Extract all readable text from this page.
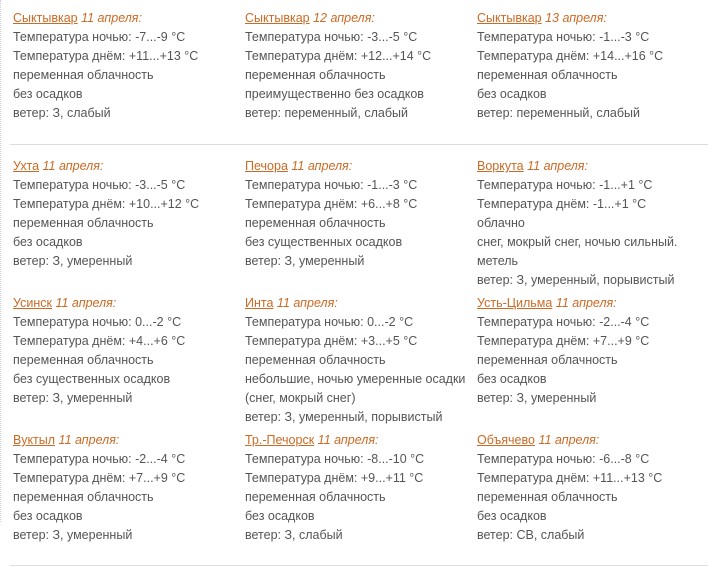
Сыктывкар 11 апреля:
Температура ночью: -7...-9 °C
Температура днём: +11...+13 °C
переменная облачность
без осадков
ветер: З, слабый
Сыктывкар 12 апреля:
Температура ночью: -3...-5 °C
Температура днём: +12...+14 °C
переменная облачность
преимущественно без осадков
ветер: переменный, слабый
Сыктывкар 13 апреля:
Температура ночью: -1...-3 °C
Температура днём: +14...+16 °C
переменная облачность
без осадков
ветер: переменный, слабый
Ухта 11 апреля:
Температура ночью: -3...-5 °C
Температура днём: +10...+12 °C
переменная облачность
без осадков
ветер: З, умеренный
Печора 11 апреля:
Температура ночью: -1...-3 °C
Температура днём: +6...+8 °C
переменная облачность
без существенных осадков
ветер: З, умеренный
Воркута 11 апреля:
Температура ночью: -1...+1 °C
Температура днём: -1...+1 °C
облачно
снег, мокрый снег, ночью сильный.
метель
ветер: З, умеренный, порывистый
Усинск 11 апреля:
Температура ночью: 0...-2 °C
Температура днём: +4...+6 °C
переменная облачность
без существенных осадков
ветер: З, умеренный
Инта 11 апреля:
Температура ночью: 0...-2 °C
Температура днём: +3...+5 °C
переменная облачность
небольшие, ночью умеренные осадки
(снег, мокрый снег)
ветер: З, умеренный, порывистый
Усть-Цильма 11 апреля:
Температура ночью: -2...-4 °C
Температура днём: +7...+9 °C
переменная облачность
без осадков
ветер: З, умеренный
Вуктыл 11 апреля:
Температура ночью: -2...-4 °C
Температура днём: +7...+9 °C
переменная облачность
без осадков
ветер: З, умеренный
Тр.-Печорск 11 апреля:
Температура ночью: -8...-10 °C
Температура днём: +9...+11 °C
переменная облачность
без осадков
ветер: З, слабый
Объячево 11 апреля:
Температура ночью: -6...-8 °C
Температура днём: +11...+13 °C
переменная облачность
без осадков
ветер: СВ, слабый
